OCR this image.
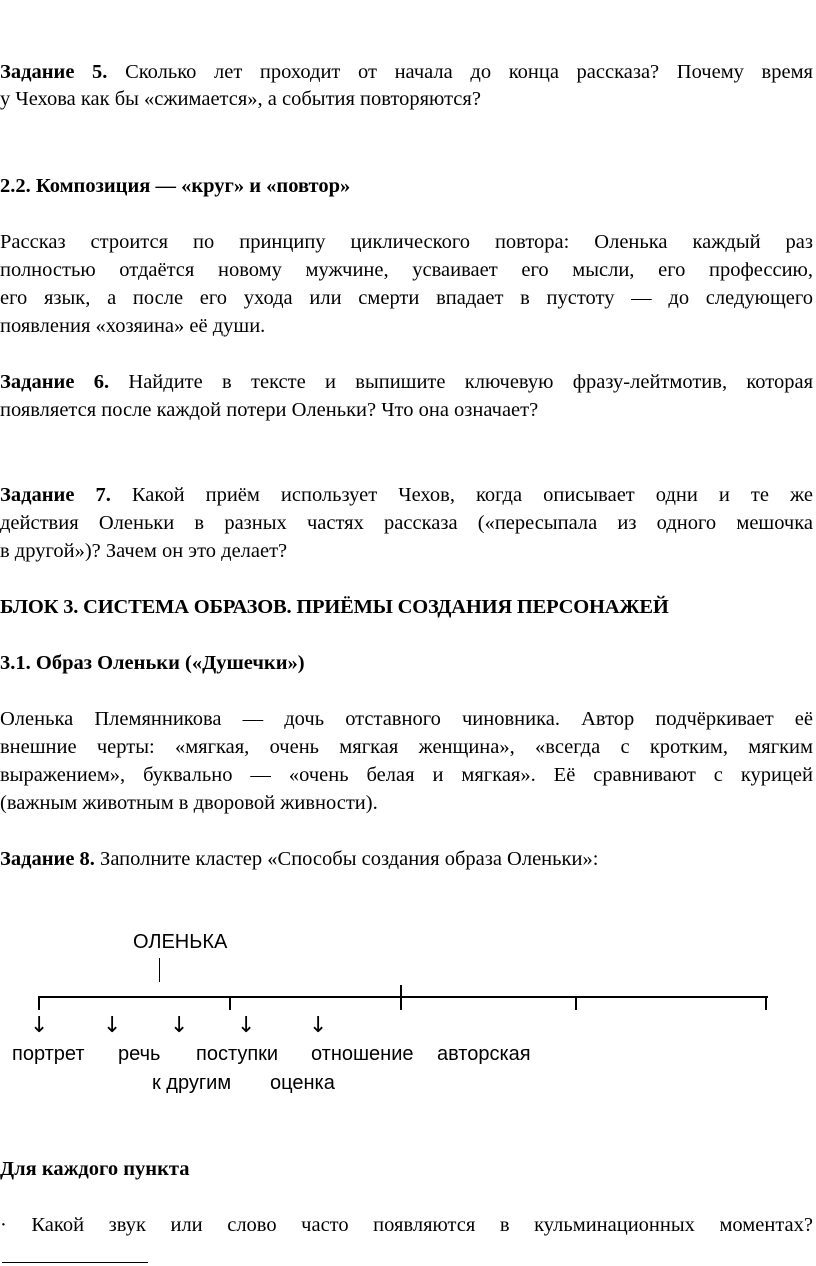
Задание 5. Сколько лет проходит от начала до конца рассказа? Почему время
у Чехова как бы «сжимается», а события повторяются?
2.2. Композиция — «круг» и «повтор»
Рассказ строится по принципу циклического повтора: Оленька каждый раз
полностью отдаётся новому мужчине, усваивает его мысли, его профессию,
его язык, а после его ухода или смерти впадает в пустоту — до следующего
появления «хозяина» её души.
Задание 6. Найдите в тексте и выпишите ключевую фразу-лейтмотив, которая
появляется после каждой потери Оленьки? Что она означает?
Задание 7. Какой приём использует Чехов, когда описывает одни и те же
действия Оленьки в разных частях рассказа («пересыпала из одного мешочка
в другой»)? Зачем он это делает?
БЛОК 3. СИСТЕМА ОБРАЗОВ. ПРИЁМЫ СОЗДАНИЯ ПЕРСОНАЖЕЙ
3.1. Образ Оленьки («Душечки»)
Оленька Племянникова — дочь отставного чиновника. Автор подчёркивает её
внешние черты: «мягкая, очень мягкая женщина», «всегда с кротким, мягким
выражением», буквально — «очень белая и мягкая». Её сравнивают с курицей
(важным животным в дворовой живности).
Задание 8. Заполните кластер «Способы создания образа Оленьки»:
ОЛЕНЬКА
↓ ↓ ↓ ↓ ↓
портрет речь поступки отношение авторская
к другим оценка
Для каждого пункта
· Какой звук или слово часто появляются в кульминационных моментах?
